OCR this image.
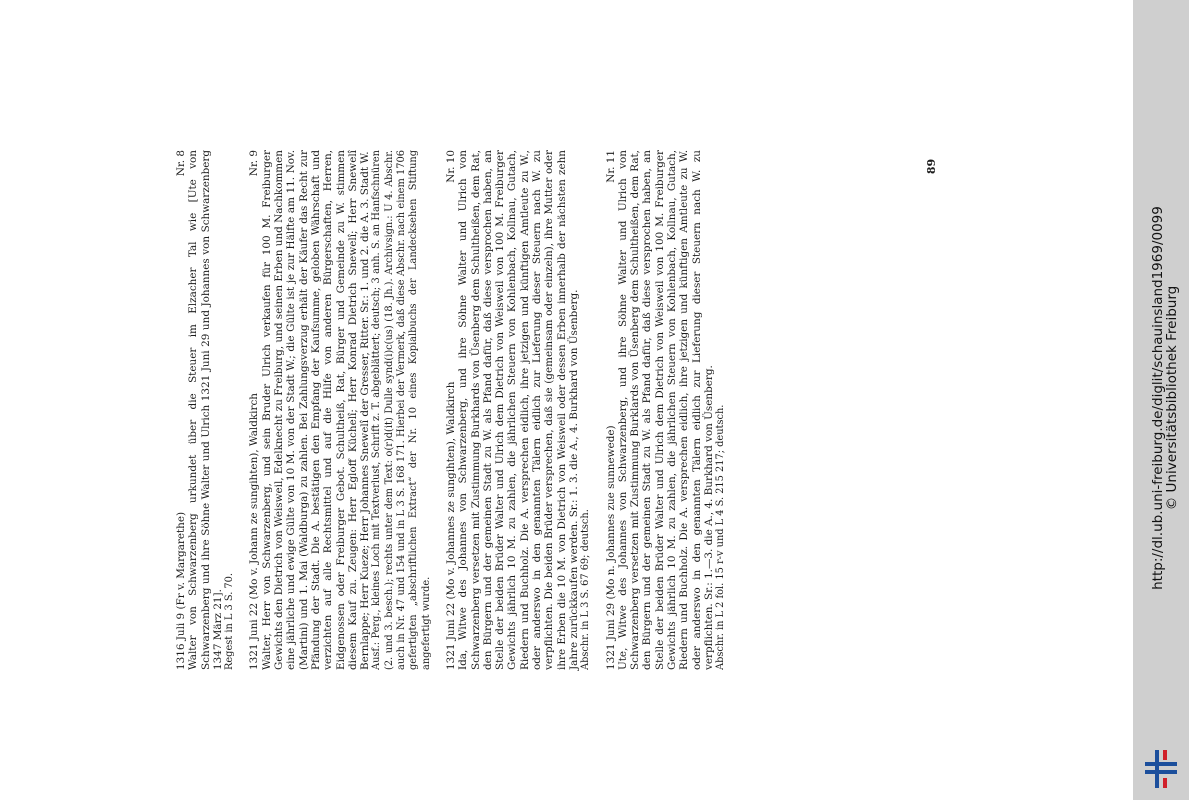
1316 Juli 9 (Fr v. Margarethe)
Nr. 8 Walter von Schwarzenberg urkundet über die Steuer im Elzacher Tal wie [Ute von Schwarzenberg und ihre Söhne Walter und Ulrich 1321 Juni 29 und Johannes von Schwarzenberg 1347 März 21]. Regest in L 3 S. 70. 1321 Juni 22 (Mo v. Johann ze sungihten), Waldkirch
Nr. 9 Walter, Herr von Schwarzenberg, und sein Bruder Ulrich verkaufen für 100 M. Freiburger Gewichts den Dietrich von Weisweil, Edelknecht zu Freiburg, und seinen Erben und Nachkommen eine jährliche und ewige Gülte von 10 M. von der Stadt W.; die Gülte ist je zur Hälfte am 11. Nov. (Martini) und 1. Mai (Waldburga) zu zahlen. Bei Zahlungsverzug erhält der Käufer das Recht zur Pfändung der Stadt. Die A. bestätigen den Empfang der Kaufsumme, geloben Währschaft und verzichten auf alle Rechtsmittel und auf die Hilfe von anderen Bürgerschaften, Herren, Eidgenossen oder Freiburger Gebot. Schultheiß, Rat, Bürger und Gemeinde zu W. stimmen diesem Kauf zu. Zeugen: Herr Egloff Küchelî; Herr Konrad Dietrich Snewelî; Herr Snewelî Bernlappe; Herr Kueze; Herr Johannes Snewelî der Gresser, Ritter. Sr.: 1. und 2. die A. 3. Stadt W. Ausf.: Perg., kleines Loch mit Textverlust, Schrift z. T. abgeblättert; deutsch; 3 anh. S. an Hanfschnüren (2. und 3. besch.); rechts unter dem Text: o(r)d(it) Dulle synd(i)c(us) (18. Jh.). Archivsign.: U 4. Abschr. auch in Nr. 47 und 154 und in L 3 S. 168 171. Hierbei der Vermerk, daß diese Abschr. nach einem 1706 gefertigten „abschriftlichen Extract“ der Nr. 10 eines Kopialbuchs der Landecksehen Stiftung angefertigt wurde. 1321 Juni 22 (Mo v. Johannes ze sungihten), Waldkirch
Nr. 10 Ida, Witwe des Johannes von Schwarzenberg, und ihre Söhne Walter und Ulrich von Schwarzenberg versetzen mit Zustimmung Burkhards von Üsenberg dem Schultheißen, dem Rat, den Bürgern und der gemeinen Stadt zu W. als Pfand dafür, daß diese versprochen haben, an Stelle der beiden Brüder Walter und Ulrich dem Dietrich von Weisweil von 100 M. Freiburger Gewichts jährlich 10 M. zu zahlen, die jährlichen Steuern von Kohlenbach, Kollnau, Gutach, Riedern und Buchholz. Die A. versprechen eidlich, ihre jetzigen und künftigen Amtleute zu W., oder anderswo in den genannten Tälern eidlich zur Lieferung dieser Steuern nach W. zu verpflichten. Die beiden Brüder versprechen, daß sie (gemeinsam oder einzeln), ihre Mutter oder ihre Erben die 10 M. von Dietrich von Weisweil oder dessen Erben innerhalb der nächsten zehn Jahre zurückkaufen werden. Sr.: 1. 3. die A., 4. Burkhard von Üsenberg. Abschr. in L 3 S. 67 69; deutsch. 1321 Juni 29 (Mo n. Johannes zue sunnewede)
Nr. 11 Ute, Witwe des Johannes von Schwarzenberg, und ihre Söhne Walter und Ulrich von Schwarzenberg versetzen mit Zustimmung Burklards von Üsenberg dem Schultheißen, dem Rat, den Bürgern und der gemeinen Stadt zu W. als Pfand dafür, daß diese versprochen haben, an Stelle der beiden Brüder Walter und Ulrich dem Dietrich von Weisweil von 100 M. Freiburger Gewichts jährlich 10 M. zu zahlen, die jährlichen Steuern von Kohlenbach, Kollnau, Gutach, Riedern und Buchholz. Die A. versprechen eidlich, ihre jetzigen und künftigen Amtleute zu W. oder anderswo in den genannten Tälern eidlich zur Lieferung dieser Steuern nach W. zu verpflichten. Sr.: 1.—3. die A., 4. Burkhard von Üsenberg. Abschr. in L 2 fol. 15 r-v und L 4 S. 215 217; deutsch.

89
http://dl.ub.uni-freiburg.de/diglit/schauinsland1969/0099
© Universitätsbibliothek Freiburg
